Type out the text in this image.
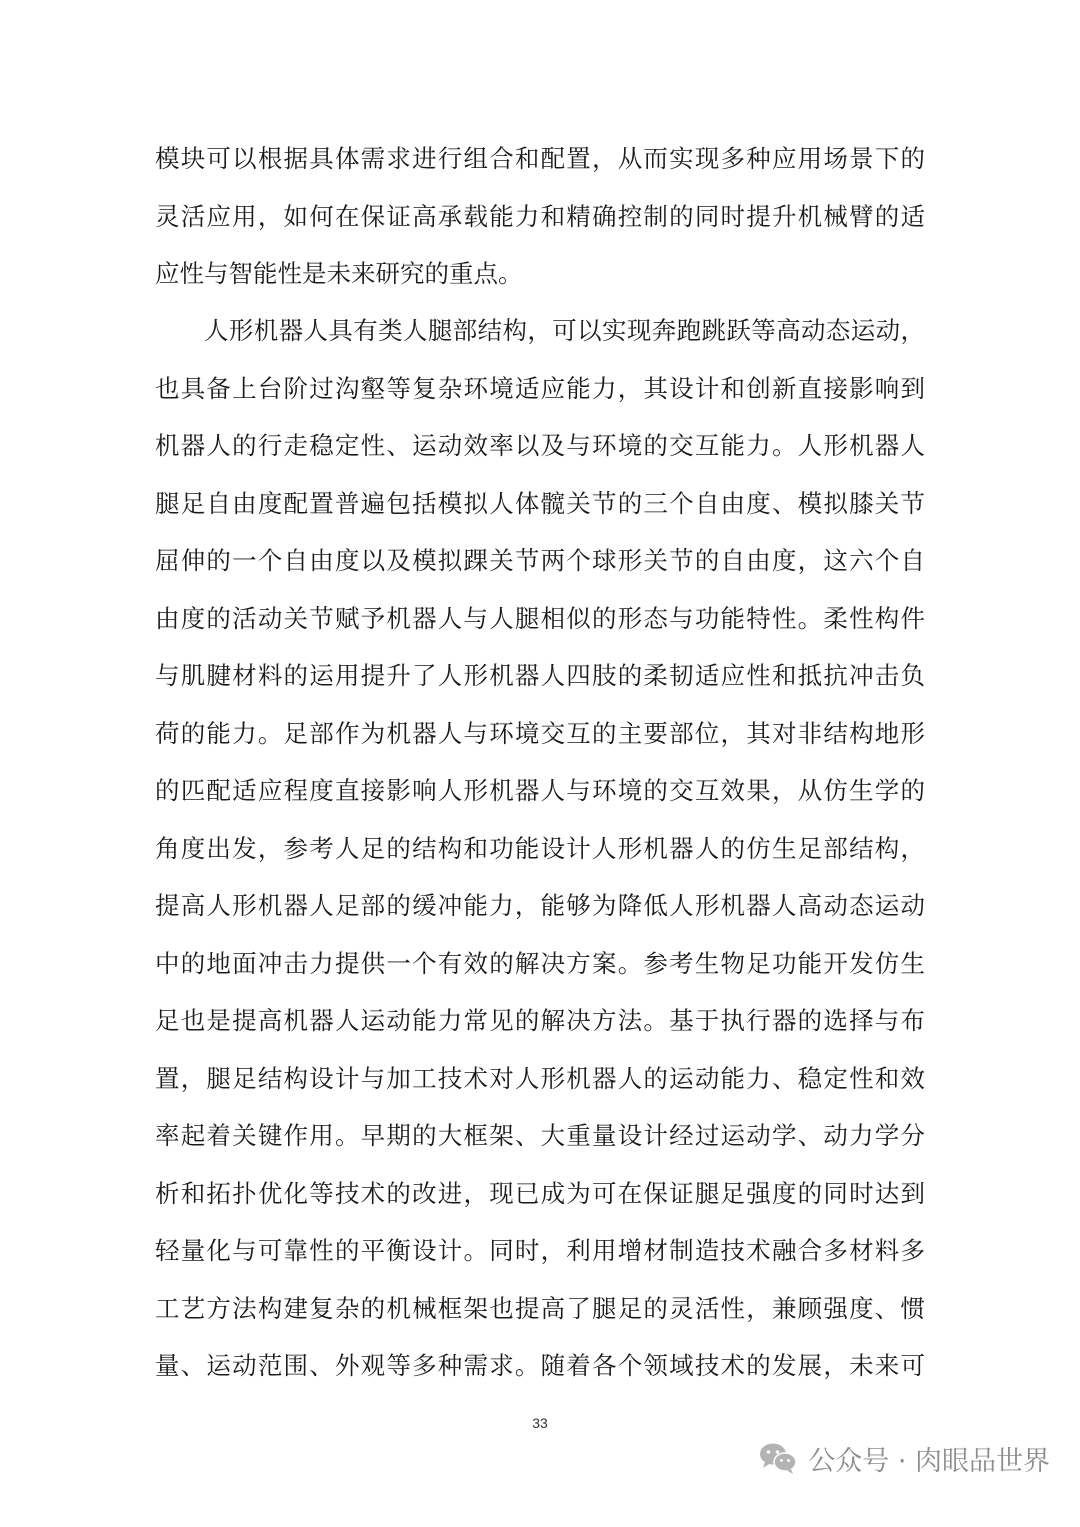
模块可以根据具体需求进行组合和配置，从而实现多种应用场景下的
灵活应用，如何在保证高承载能力和精确控制的同时提升机械臂的适
应性与智能性是未来研究的重点。
人形机器人具有类人腿部结构，可以实现奔跑跳跃等高动态运动，
也具备上台阶过沟壑等复杂环境适应能力，其设计和创新直接影响到
机器人的行走稳定性、运动效率以及与环境的交互能力。人形机器人
腿足自由度配置普遍包括模拟人体髋关节的三个自由度、模拟膝关节
屈伸的一个自由度以及模拟踝关节两个球形关节的自由度，这六个自
由度的活动关节赋予机器人与人腿相似的形态与功能特性。柔性构件
与肌腱材料的运用提升了人形机器人四肢的柔韧适应性和抵抗冲击负
荷的能力。足部作为机器人与环境交互的主要部位，其对非结构地形
的匹配适应程度直接影响人形机器人与环境的交互效果，从仿生学的
角度出发，参考人足的结构和功能设计人形机器人的仿生足部结构，
提高人形机器人足部的缓冲能力，能够为降低人形机器人高动态运动
中的地面冲击力提供一个有效的解决方案。参考生物足功能开发仿生
足也是提高机器人运动能力常见的解决方法。基于执行器的选择与布
置，腿足结构设计与加工技术对人形机器人的运动能力、稳定性和效
率起着关键作用。早期的大框架、大重量设计经过运动学、动力学分
析和拓扑优化等技术的改进，现已成为可在保证腿足强度的同时达到
轻量化与可靠性的平衡设计。同时，利用增材制造技术融合多材料多
工艺方法构建复杂的机械框架也提高了腿足的灵活性，兼顾强度、惯
量、运动范围、外观等多种需求。随着各个领域技术的发展，未来可
33
公众号 · 肉眼品世界
